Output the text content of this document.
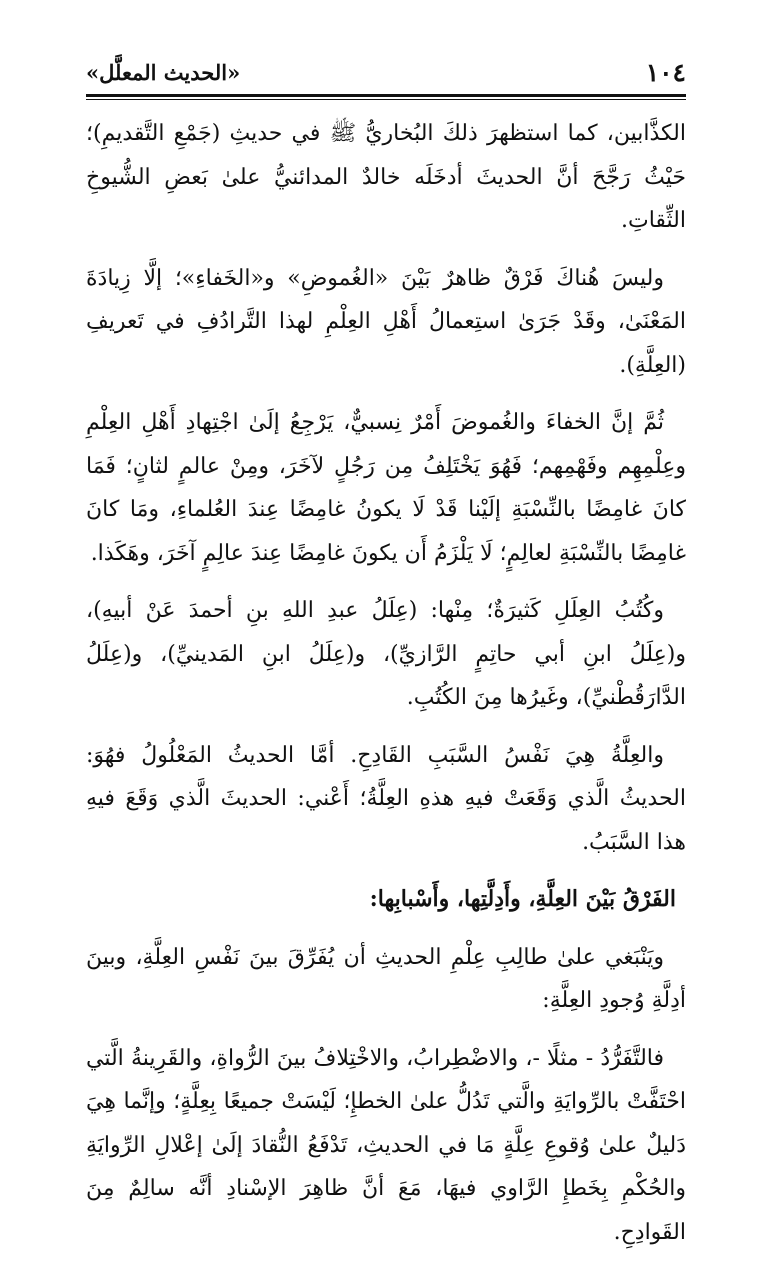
١٠٤
«الحديث المعلَّل»

الكذَّابين، كما استظهرَ ذلكَ البُخاريُّ ﷺ في حديثِ (جَمْعِ التَّقديمِ)؛ حَيْثُ رَجَّحَ أنَّ الحديثَ أدخَلَه خالدٌ المدائنيُّ علىٰ بَعضِ الشُّيوخِ الثِّقاتِ.

وليسَ هُناكَ فَرْقٌ ظاهرٌ بَيْنَ «الغُموضِ» و«الخَفاءِ»؛ إلَّا زِيادَةَ المَعْنَىٰ، وقَدْ جَرَىٰ استِعمالُ أَهْلِ العِلْمِ لهذا التَّرادُفِ في تَعريفِ (العِلَّةِ).

ثُمَّ إنَّ الخفاءَ والغُموضَ أَمْرٌ نِسبيٌّ، يَرْجِعُ إلَىٰ اجْتِهادِ أَهْلِ العِلْمِ وعِلْمِهِم وفَهْمِهم؛ فَهُوَ يَخْتَلِفُ مِن رَجُلٍ لآخَرَ، ومِنْ عالمٍ لثانٍ؛ فَمَا كانَ غامِضًا بالنِّسْبَةِ إلَيْنا قَدْ لَا يكونُ غامِضًا عِندَ العُلماءِ، ومَا كانَ غامِضًا بالنِّسْبَةِ لعالِمٍ؛ لَا يَلْزَمُ أَن يكونَ غامِضًا عِندَ عالِمٍ آخَرَ، وهَكَذا.

وكُتُبُ العِلَلِ كَثيرَةٌ؛ مِنْها: (عِلَلُ عبدِ اللهِ بنِ أحمدَ عَنْ أبيهِ)، و(عِلَلُ ابنِ أبي حاتِمٍ الرَّازيِّ)، و(عِلَلُ ابنِ المَدينيِّ)، و(عِلَلُ الدَّارَقُطْنيِّ)، وغَيرُها مِنَ الكُتُبِ.

والعِلَّةُ هِيَ نَفْسُ السَّبَبِ القَادِحِ. أمَّا الحديثُ المَعْلُولُ فهُوَ: الحديثُ الَّذي وَقَعَتْ فيهِ هذهِ العِلَّةُ؛ أَعْني: الحديثَ الَّذي وَقَعَ فيهِ هذا السَّبَبُ.

الفَرْقُ بَيْنَ العِلَّةِ، وأَدِلَّتِها، وأَسْبابِها:

ويَنْبَغي علىٰ طالِبِ عِلْمِ الحديثِ أن يُفَرِّقَ بينَ نَفْسِ العِلَّةِ، وبينَ أدِلَّةِ وُجودِ العِلَّةِ:

فالتَّفَرُّدُ - مثلًا -، والاضْطِرابُ، والاخْتِلافُ بينَ الرُّواةِ، والقَرِينةُ الَّتي احْتَفَّتْ بالرِّوايَةِ والَّتي تَدُلُّ علىٰ الخطإِ؛ لَيْسَتْ جميعًا بِعِلَّةٍ؛ وإنَّما هِيَ دَليلٌ علىٰ وُقوعِ عِلَّةٍ مَا في الحديثِ، تَدْفَعُ النُّقادَ إلَىٰ إعْلالِ الرِّوايَةِ والحُكْمِ بِخَطإِ الرَّاوي فيهَا، مَعَ أنَّ ظاهِرَ الإسْنادِ أنَّه سالِمٌ مِنَ القَوادِحِ.
